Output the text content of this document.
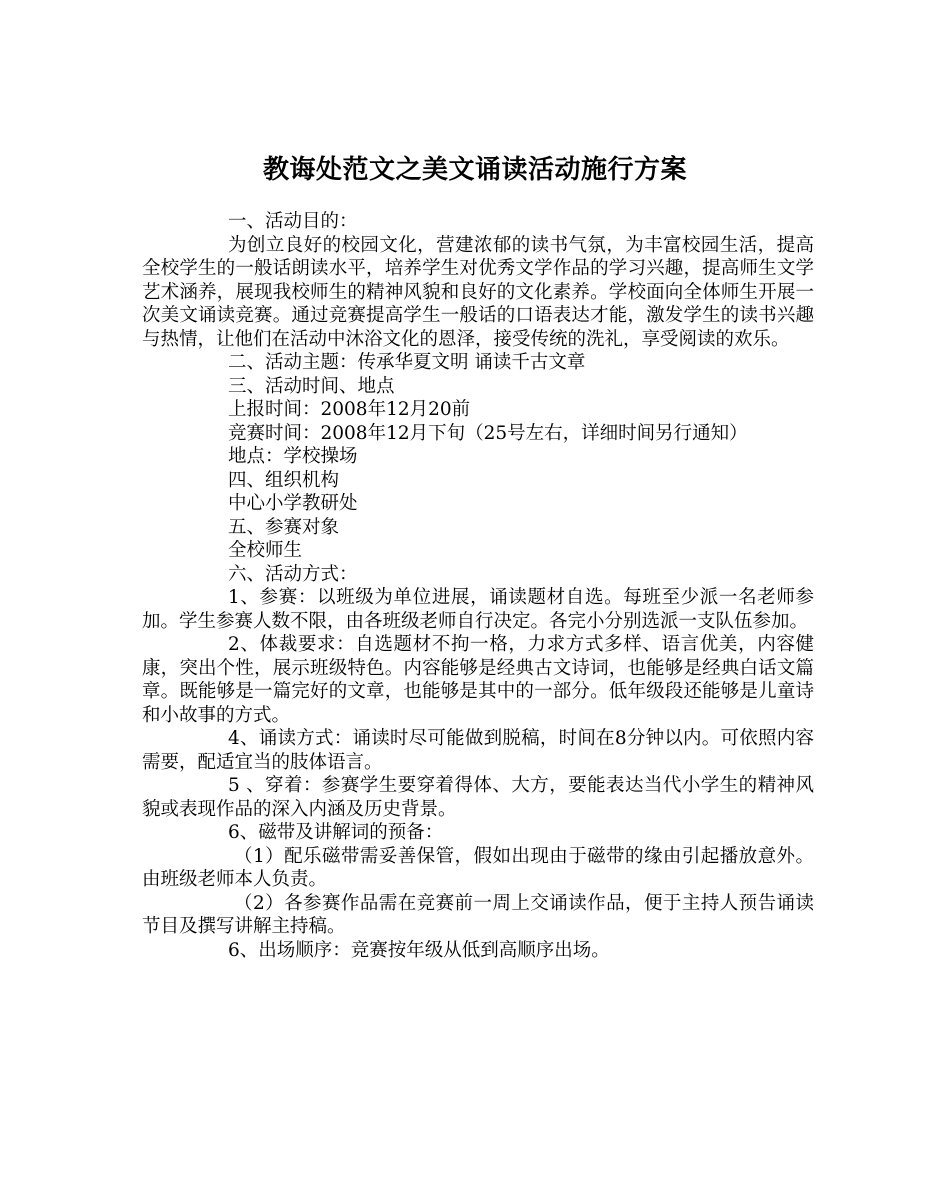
教诲处范文之美文诵读活动施行方案

一、活动目的：

为创立良好的校园文化，营建浓郁的读书气氛，为丰富校园生活，提高全校学生的一般话朗读水平，培养学生对优秀文学作品的学习兴趣，提高师生文学艺术涵养，展现我校师生的精神风貌和良好的文化素养。学校面向全体师生开展一次美文诵读竞赛。通过竞赛提高学生一般话的口语表达才能，激发学生的读书兴趣与热情，让他们在活动中沐浴文化的恩泽，接受传统的洗礼，享受阅读的欢乐。

二、活动主题：传承华夏文明 诵读千古文章

三、活动时间、地点

上报时间：2008年12月20前

竞赛时间：2008年12月下旬（25号左右，详细时间另行通知）

地点：学校操场

四、组织机构

中心小学教研处

五、参赛对象

全校师生

六、活动方式：

1、参赛：以班级为单位进展，诵读题材自选。每班至少派一名老师参加。学生参赛人数不限，由各班级老师自行决定。各完小分别选派一支队伍参加。

2、体裁要求：自选题材不拘一格，力求方式多样、语言优美，内容健康，突出个性，展示班级特色。内容能够是经典古文诗词，也能够是经典白话文篇章。既能够是一篇完好的文章，也能够是其中的一部分。低年级段还能够是儿童诗和小故事的方式。

4、诵读方式：诵读时尽可能做到脱稿，时间在8分钟以内。可依照内容需要，配适宜当的肢体语言。

5 、穿着：参赛学生要穿着得体、大方，要能表达当代小学生的精神风貌或表现作品的深入内涵及历史背景。

6、磁带及讲解词的预备：

（1）配乐磁带需妥善保管，假如出现由于磁带的缘由引起播放意外。由班级老师本人负责。

（2）各参赛作品需在竞赛前一周上交诵读作品，便于主持人预告诵读节目及撰写讲解主持稿。

6、出场顺序：竞赛按年级从低到高顺序出场。
